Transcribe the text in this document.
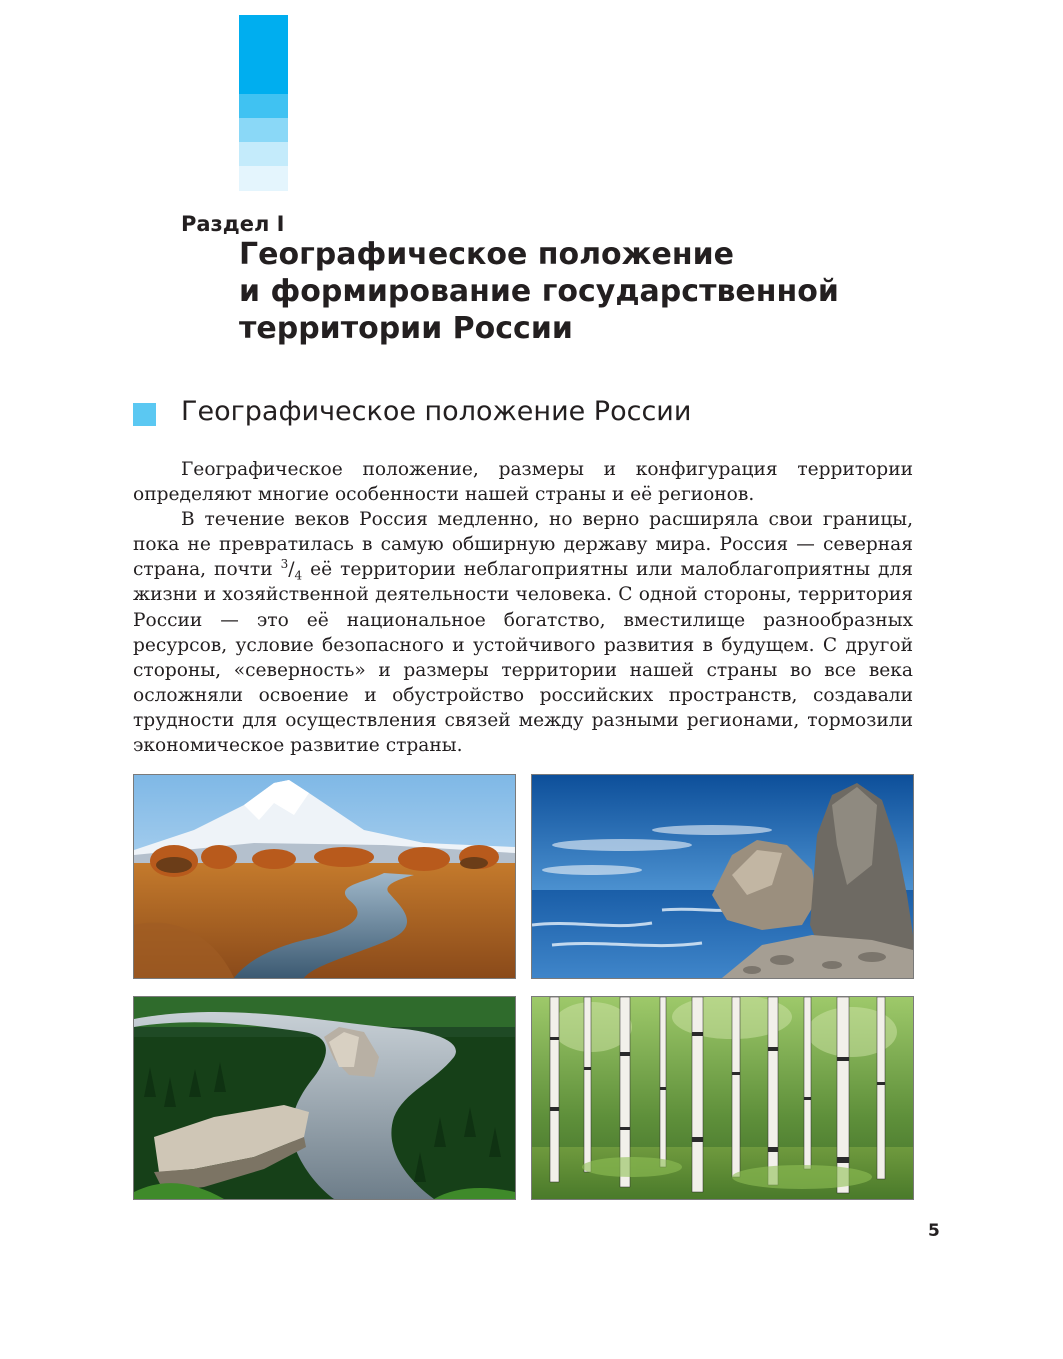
Раздел I
Географическое положение
и формирование государственной
территории России
Географическое положение России

Географическое положение, размеры и конфигурация территории определяют многие особенности нашей страны и её регионов.

В течение веков Россия медленно, но верно расширяла свои границы, пока не превратилась в самую обширную державу мира. Россия — северная страна, почти $^3/_4$ её территории неблагоприятны или малоблагоприятны для жизни и хозяйственной деятельности человека. С одной стороны, территория России — это её национальное богатство, вместилище разнообразных ресурсов, условие безопасного и устойчивого развития в будущем. С другой стороны, «северность» и размеры территории нашей страны во все века осложняли освоение и обустройство российских пространств, создавали трудности для осуществления связей между разными регионами, тормозили экономическое развитие страны.

5
